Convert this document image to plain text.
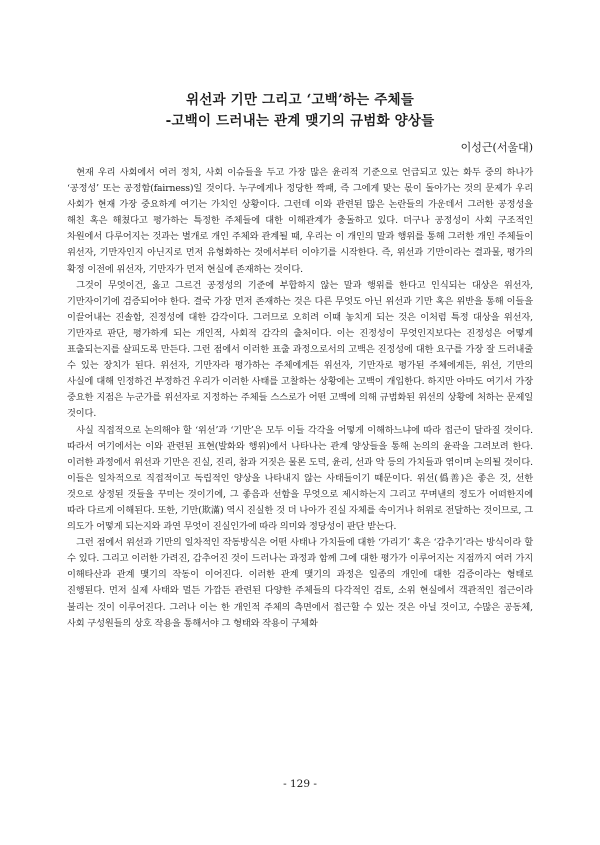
위선과 기만 그리고 ‘고백’하는 주체들
-고백이 드러내는 관계 맺기의 규범화 양상들
이성근(서울대)

 현재 우리 사회에서 여러 정치, 사회 이슈들을 두고 가장 많은 윤리적 기준으로 언급되고 있는 화두 중의 하나가 ‘공정성’ 또는 공정함(fairness)일 것이다. 누구에게나 정당한 짝패, 즉 그에게 맞는 몫이 돌아가는 것의 문제가 우리 사회가 현재 가장 중요하게 여기는 가치인 상황이다. 그런데 이와 관련된 많은 논란들의 가운데서 그러한 공정성을 해친 혹은 해쳤다고 평가하는 특정한 주체들에 대한 이해관계가 충돌하고 있다. 더구나 공정성이 사회 구조적인 차원에서 다루어지는 것과는 별개로 개인 주체와 관계될 때, 우리는 이 개인의 말과 행위를 통해 그러한 개인 주체들이 위선자, 기만자인지 아닌지로 먼저 유형화하는 것에서부터 이야기를 시작한다. 즉, 위선과 기만이라는 결과물, 평가의 확정 이전에 위선자, 기만자가 먼저 현실에 존재하는 것이다.

 그것이 무엇이건, 옳고 그르건 공정성의 기준에 부합하지 않는 말과 행위를 한다고 인식되는 대상은 위선자, 기만자이기에 검증되어야 한다. 결국 가장 먼저 존재하는 것은 다른 무엇도 아닌 위선과 기만 혹은 위반을 통해 이들을 이끌어내는 진솔함, 진정성에 대한 감각이다. 그러므로 오히려 이때 놓치게 되는 것은 이처럼 특정 대상을 위선자, 기만자로 판단, 평가하게 되는 개인적, 사회적 감각의 출처이다. 이는 진정성이 무엇인지보다는 진정성은 어떻게 표출되는지를 살피도록 만든다. 그런 점에서 이러한 표출 과정으로서의 고백은 진정성에 대한 요구를 가장 잘 드러내줄 수 있는 장치가 된다. 위선자, 기만자라 평가하는 주체에게든 위선자, 기만자로 평가된 주체에게든, 위선, 기만의 사실에 대해 인정하건 부정하건 우리가 이러한 사태를 고찰하는 상황에는 고백이 개입한다. 하지만 아마도 여기서 가장 중요한 지점은 누군가를 위선자로 지정하는 주체들 스스로가 어떤 고백에 의해 규범화된 위선의 상황에 처하는 문제일 것이다.

 사실 직접적으로 논의해야 할 ‘위선’과 ‘기만’은 모두 이들 각각을 어떻게 이해하느냐에 따라 접근이 달라질 것이다. 따라서 여기에서는 이와 관련된 표현(발화와 행위)에서 나타나는 관계 양상들을 통해 논의의 윤곽을 그려보려 한다. 이러한 과정에서 위선과 기만은 진실, 진리, 참과 거짓은 물론 도덕, 윤리, 선과 악 등의 가치들과 엮이며 논의될 것이다. 이들은 일차적으로 직접적이고 독립적인 양상을 나타내지 않는 사태들이기 때문이다. 위선(僞善)은 좋은 것, 선한 것으로 상정된 것들을 꾸미는 것이기에, 그 좋음과 선함을 무엇으로 제시하는지 그리고 꾸며낸의 정도가 어떠한지에 따라 다르게 이해된다. 또한, 기만(欺滿) 역시 진실한 것 더 나아가 진실 자체를 속이거나 허위로 전달하는 것이므로, 그 의도가 어떻게 되는지와 과연 무엇이 진실인가에 따라 의미와 정당성이 판단 받는다.

 그런 점에서 위선과 기만의 일차적인 작동방식은 어떤 사태나 가치들에 대한 ‘가리기’ 혹은 ‘감추기’라는 방식이라 할 수 있다. 그리고 이러한 가려진, 감추어진 것이 드러나는 과정과 함께 그에 대한 평가가 이루어지는 지점까지 여러 가지 이해타산과 관계 맺기의 작동이 이어진다. 이러한 관계 맺기의 과정은 일종의 개인에 대한 검증이라는 형태로 진행된다. 먼저 실제 사태와 멀든 가깝든 관련된 다양한 주체들의 다각적인 검토, 소위 현실에서 객관적인 접근이라 불리는 것이 이루어진다. 그러나 이는 한 개인적 주체의 측면에서 접근할 수 있는 것은 아닐 것이고, 수많은 공동체, 사회 구성원들의 상호 작용을 통해서야 그 형태와 작용이 구체화

- 129 -
